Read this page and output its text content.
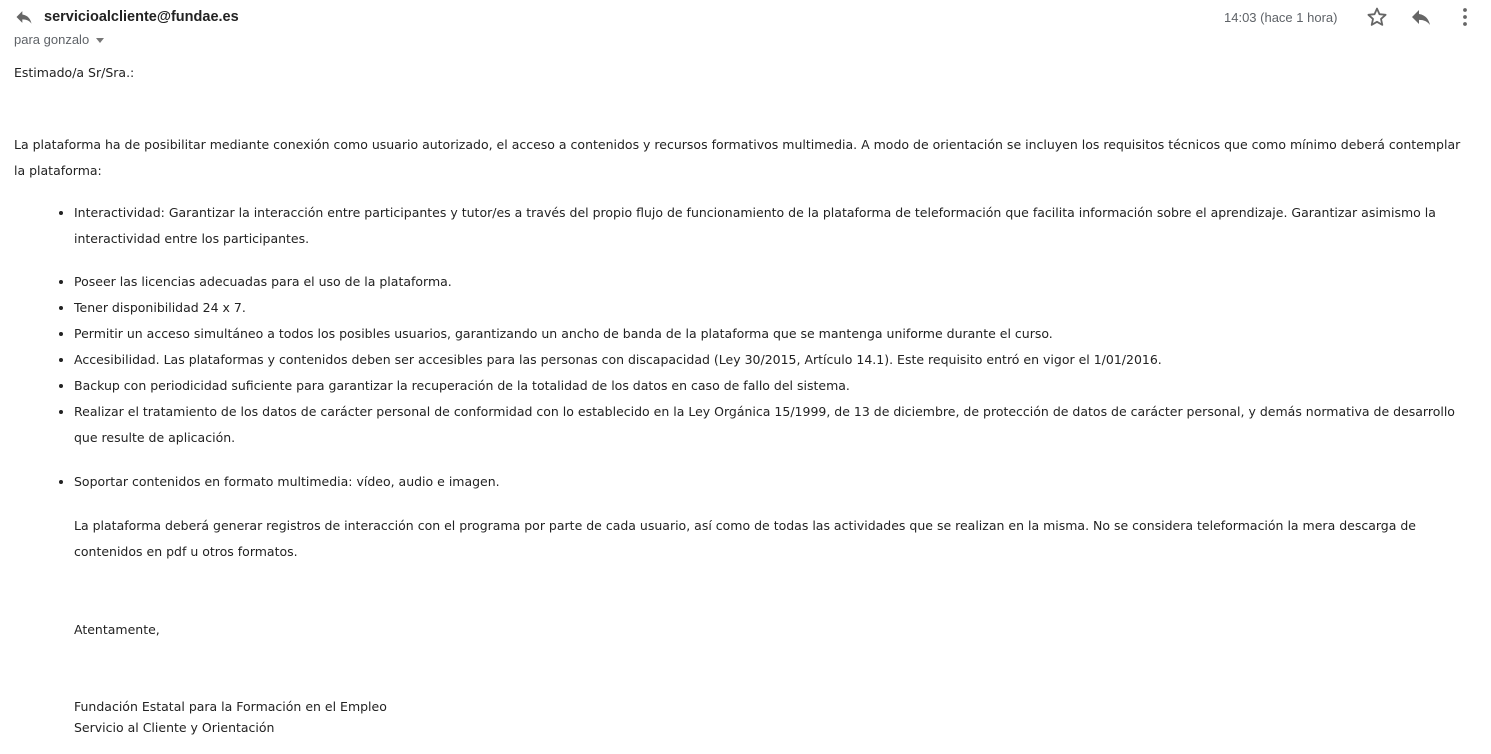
servicioalcliente@fundae.es
para gonzalo
14:03 (hace 1 hora)

Estimado/a Sr/Sra.:

La plataforma ha de posibilitar mediante conexión como usuario autorizado, el acceso a contenidos y recursos formativos multimedia. A modo de orientación se incluyen los requisitos técnicos que como mínimo deberá contemplar la plataforma:

• Interactividad: Garantizar la interacción entre participantes y tutor/es a través del propio flujo de funcionamiento de la plataforma de teleformación que facilita información sobre el aprendizaje. Garantizar asimismo la interactividad entre los participantes.
• Poseer las licencias adecuadas para el uso de la plataforma.
• Tener disponibilidad 24 x 7.
• Permitir un acceso simultáneo a todos los posibles usuarios, garantizando un ancho de banda de la plataforma que se mantenga uniforme durante el curso.
• Accesibilidad. Las plataformas y contenidos deben ser accesibles para las personas con discapacidad (Ley 30/2015, Artículo 14.1). Este requisito entró en vigor el 1/01/2016.
• Backup con periodicidad suficiente para garantizar la recuperación de la totalidad de los datos en caso de fallo del sistema.
• Realizar el tratamiento de los datos de carácter personal de conformidad con lo establecido en la Ley Orgánica 15/1999, de 13 de diciembre, de protección de datos de carácter personal, y demás normativa de desarrollo que resulte de aplicación.
• Soportar contenidos en formato multimedia: vídeo, audio e imagen.

La plataforma deberá generar registros de interacción con el programa por parte de cada usuario, así como de todas las actividades que se realizan en la misma. No se considera teleformación la mera descarga de contenidos en pdf u otros formatos.

Atentamente,

Fundación Estatal para la Formación en el Empleo

Servicio al Cliente y Orientación
